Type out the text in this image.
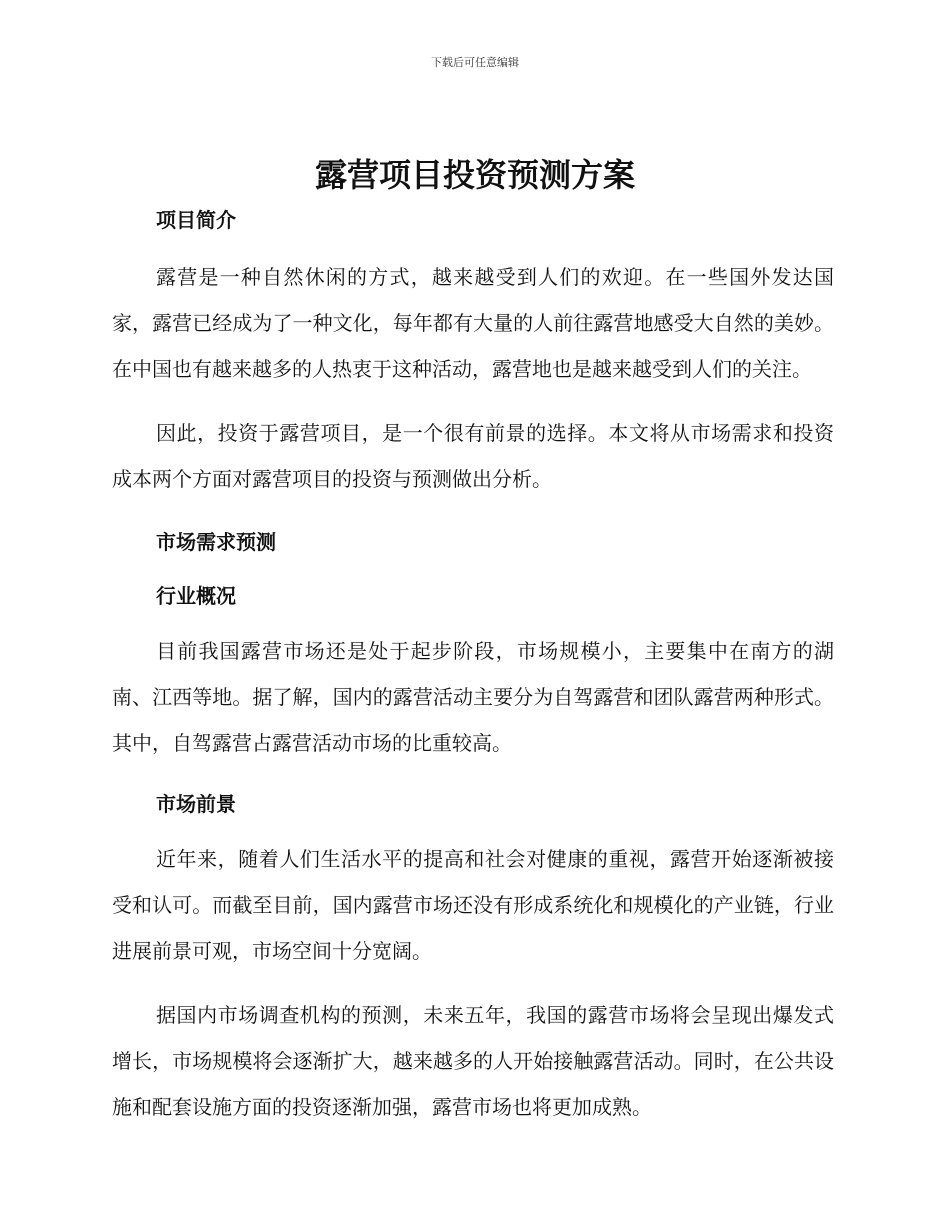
下载后可任意编辑
露营项目投资预测方案
项目简介

露营是一种自然休闲的方式，越来越受到人们的欢迎。在一些国外发达国家，露营已经成为了一种文化，每年都有大量的人前往露营地感受大自然的美妙。在中国也有越来越多的人热衷于这种活动，露营地也是越来越受到人们的关注。

因此，投资于露营项目，是一个很有前景的选择。本文将从市场需求和投资成本两个方面对露营项目的投资与预测做出分析。

市场需求预测
行业概况

目前我国露营市场还是处于起步阶段，市场规模小，主要集中在南方的湖南、江西等地。据了解，国内的露营活动主要分为自驾露营和团队露营两种形式。其中，自驾露营占露营活动市场的比重较高。

市场前景

近年来，随着人们生活水平的提高和社会对健康的重视，露营开始逐渐被接受和认可。而截至目前，国内露营市场还没有形成系统化和规模化的产业链，行业进展前景可观，市场空间十分宽阔。

据国内市场调查机构的预测，未来五年，我国的露营市场将会呈现出爆发式增长，市场规模将会逐渐扩大，越来越多的人开始接触露营活动。同时，在公共设施和配套设施方面的投资逐渐加强，露营市场也将更加成熟。
